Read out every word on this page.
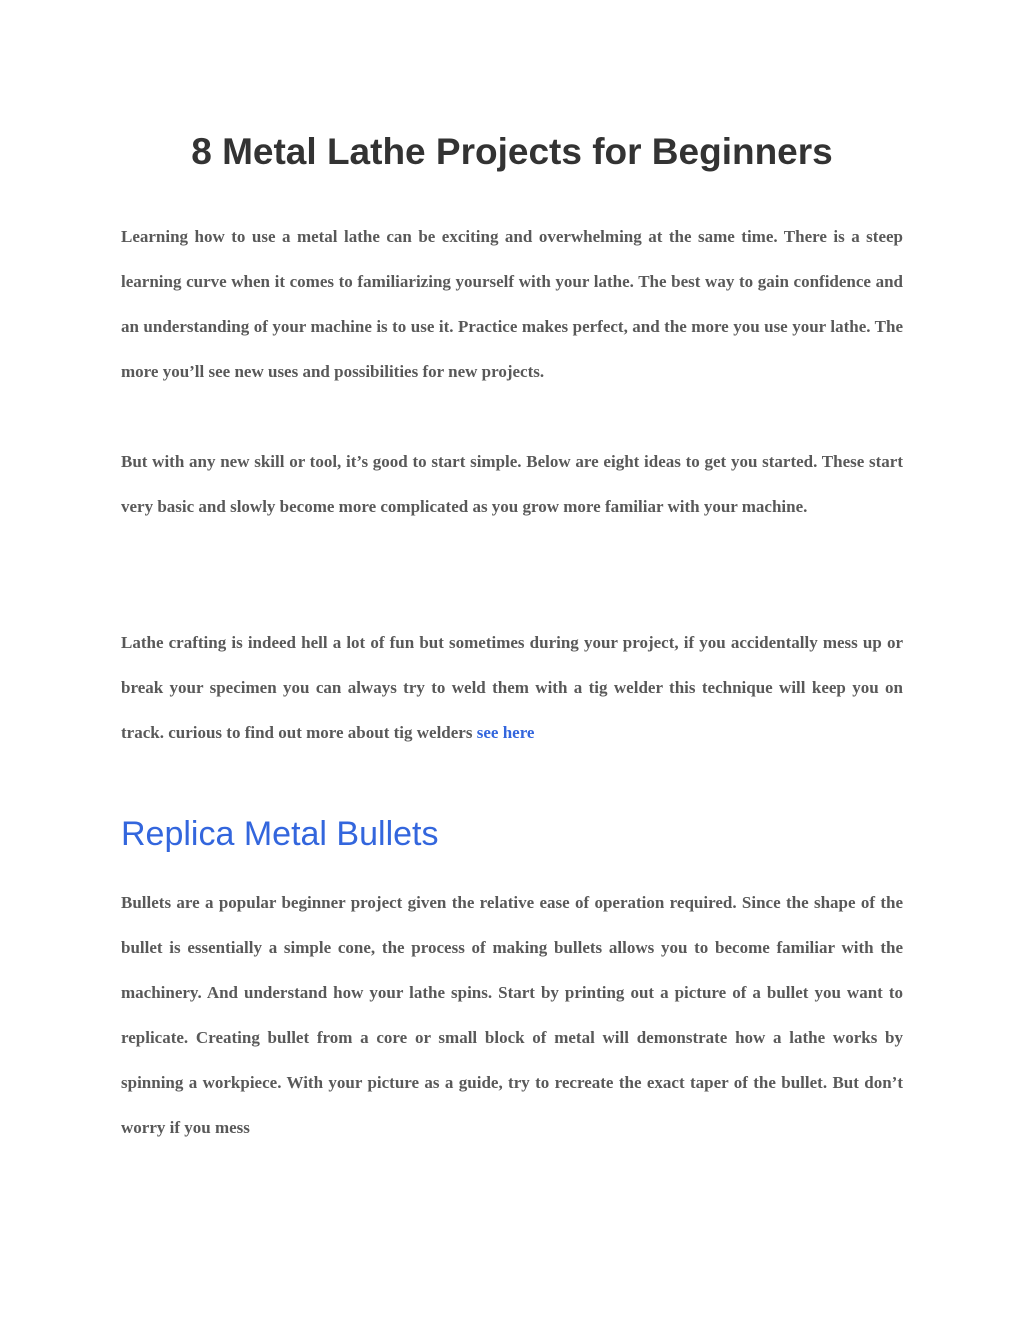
8 Metal Lathe Projects for Beginners

Learning how to use a metal lathe can be exciting and overwhelming at the same time. There is a steep learning curve when it comes to familiarizing yourself with your lathe. The best way to gain confidence and an understanding of your machine is to use it. Practice makes perfect, and the more you use your lathe. The more you’ll see new uses and possibilities for new projects.

But with any new skill or tool, it’s good to start simple. Below are eight ideas to get you started. These start very basic and slowly become more complicated as you grow more familiar with your machine.

Lathe crafting is indeed hell a lot of fun but sometimes during your project, if you accidentally mess up or break your specimen you can always try to weld them with a tig welder this technique will keep you on track. curious to find out more about tig welders see here

Replica Metal Bullets

Bullets are a popular beginner project given the relative ease of operation required. Since the shape of the bullet is essentially a simple cone, the process of making bullets allows you to become familiar with the machinery. And understand how your lathe spins. Start by printing out a picture of a bullet you want to replicate. Creating bullet from a core or small block of metal will demonstrate how a lathe works by spinning a workpiece. With your picture as a guide, try to recreate the exact taper of the bullet. But don’t worry if you mess
